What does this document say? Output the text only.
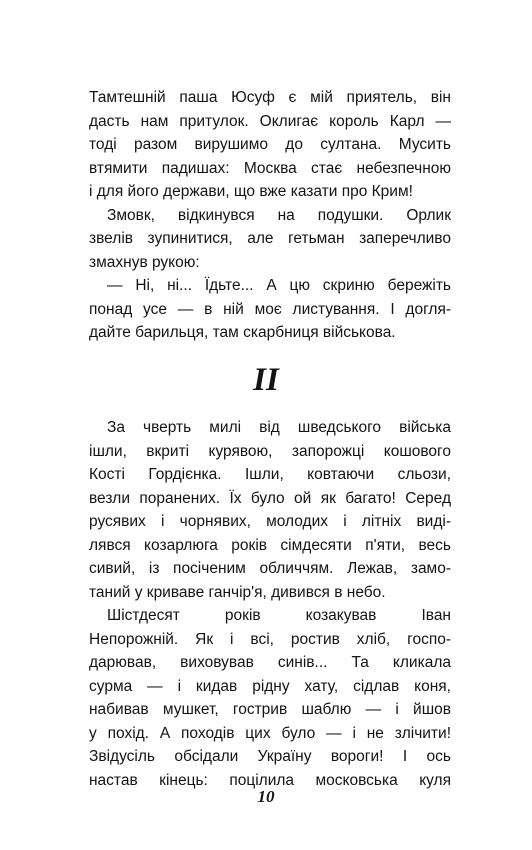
Тамтешній паша Юсуф є мій приятель, він
дасть нам притулок. Оклигає король Карл —
тоді разом вирушимо до султана. Мусить
втямити падишах: Москва стає небезпечною
і для його держави, що вже казати про Крим!
Змовк, відкинувся на подушки. Орлик
звелів зупинитися, але гетьман заперечливо
змахнув рукою:
— Ні, ні... Їдьте... А цю скриню бережіть
понад усе — в ній моє листування. І догля-
дайте барильця, там скарбниця військова.
II
За чверть милі від шведського війська
ішли, вкриті курявою, запорожці кошового
Кості Гордієнка. Ішли, ковтаючи сльози,
везли поранених. Їх було ой як багато! Серед
русявих і чорнявих, молодих і літніх виді-
лявся козарлюга років сімдесяти п'яти, весь
сивий, із посіченим обличчям. Лежав, замо-
таний у криваве ганчір'я, дивився в небо.
Шістдесят років козакував Іван
Непорожній. Як і всі, ростив хліб, госпо-
дарював, виховував синів... Та кликала
сурма — і кидав рідну хату, сідлав коня,
набивав мушкет, гострив шаблю — і йшов
у похід. А походів цих було — і не злічити!
Звідусіль обсідали Україну вороги! І ось
настав кінець: поцілила московська куля
10
